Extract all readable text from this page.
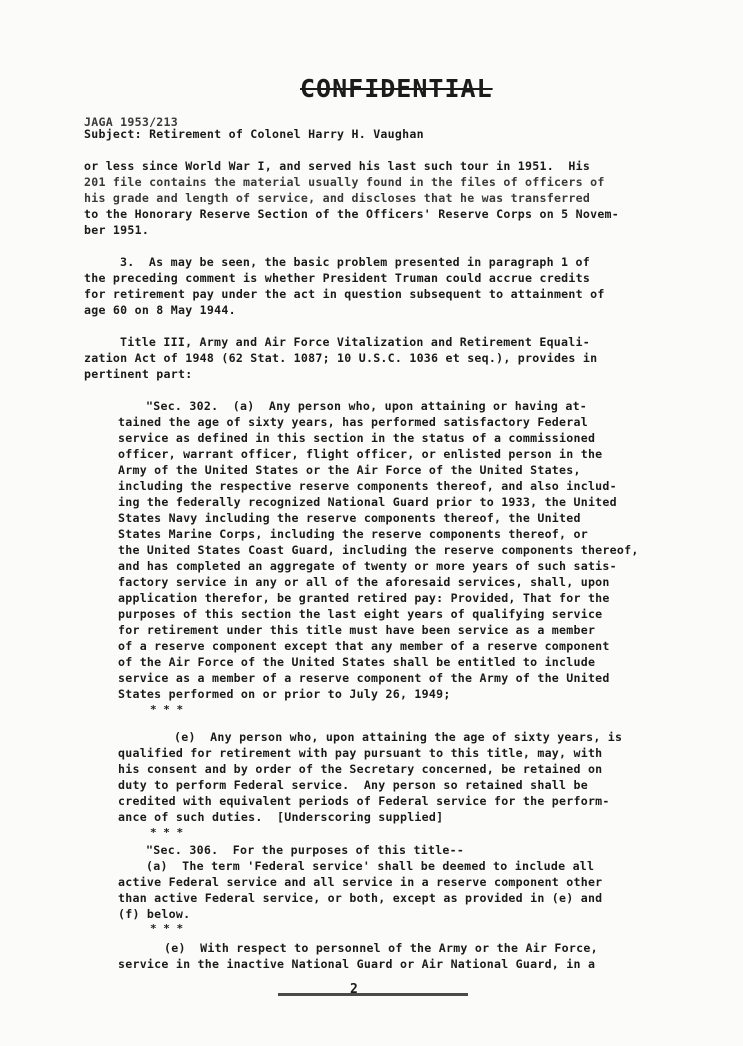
CONFIDENTIAL
JAGA 1953/213
Subject: Retirement of Colonel Harry H. Vaughan
or less since World War I, and served his last such tour in 1951.  His
201 file contains the material usually found in the files of officers of
his grade and length of service, and discloses that he was transferred
to the Honorary Reserve Section of the Officers' Reserve Corps on 5 Novem-
ber 1951.
3.  As may be seen, the basic problem presented in paragraph 1 of
the preceding comment is whether President Truman could accrue credits
for retirement pay under the act in question subsequent to attainment of
age 60 on 8 May 1944.
Title III, Army and Air Force Vitalization and Retirement Equali-
zation Act of 1948 (62 Stat. 1087; 10 U.S.C. 1036 et seq.), provides in
pertinent part:
"Sec. 302.  (a)  Any person who, upon attaining or having at-
tained the age of sixty years, has performed satisfactory Federal
service as defined in this section in the status of a commissioned
officer, warrant officer, flight officer, or enlisted person in the
Army of the United States or the Air Force of the United States,
including the respective reserve components thereof, and also includ-
ing the federally recognized National Guard prior to 1933, the United
States Navy including the reserve components thereof, the United
States Marine Corps, including the reserve components thereof, or
the United States Coast Guard, including the reserve components thereof,
and has completed an aggregate of twenty or more years of such satis-
factory service in any or all of the aforesaid services, shall, upon
application therefor, be granted retired pay: Provided, That for the
purposes of this section the last eight years of qualifying service
for retirement under this title must have been service as a member
of a reserve component except that any member of a reserve component
of the Air Force of the United States shall be entitled to include
service as a member of a reserve component of the Army of the United
States performed on or prior to July 26, 1949;
* * *
(e)  Any person who, upon attaining the age of sixty years, is
qualified for retirement with pay pursuant to this title, may, with
his consent and by order of the Secretary concerned, be retained on
duty to perform Federal service.  Any person so retained shall be
credited with equivalent periods of Federal service for the perform-
ance of such duties.  [Underscoring supplied]
* * *
"Sec. 306.  For the purposes of this title--
(a)  The term 'Federal service' shall be deemed to include all
active Federal service and all service in a reserve component other
than active Federal service, or both, except as provided in (e) and
(f) below.
* * *
(e)  With respect to personnel of the Army or the Air Force,
service in the inactive National Guard or Air National Guard, in a
2
